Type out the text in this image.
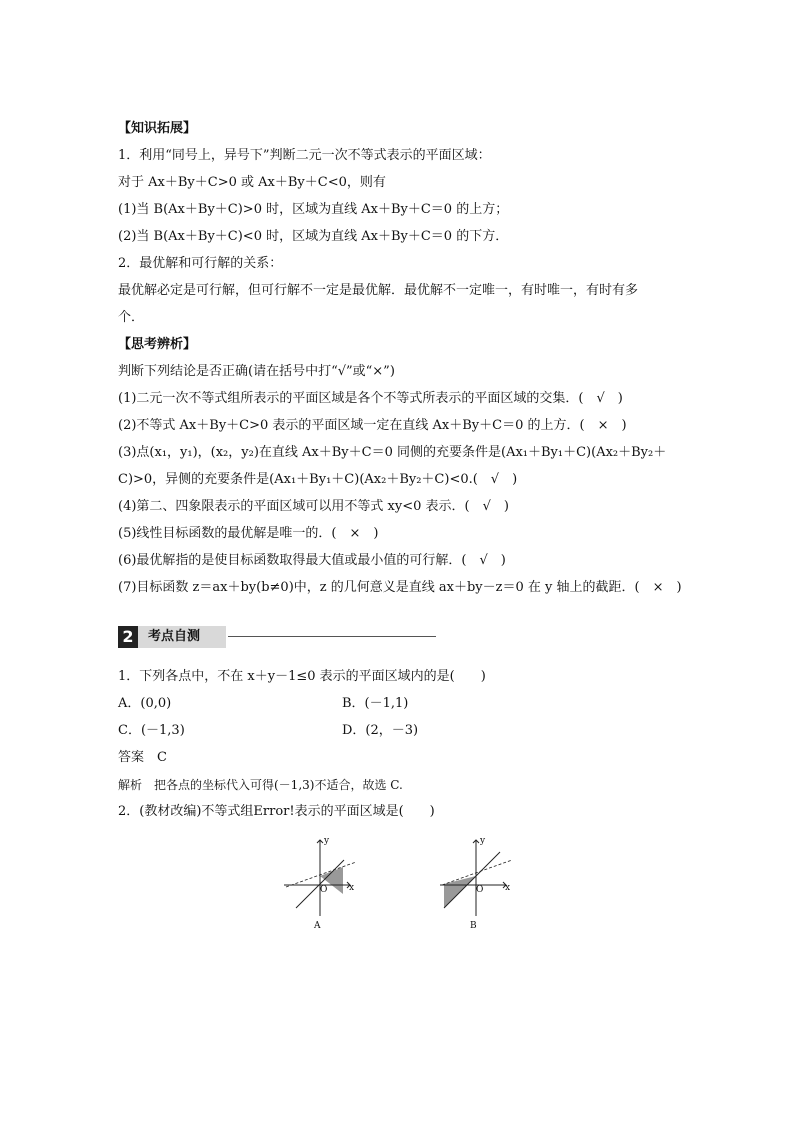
【知识拓展】
1．利用“同号上，异号下”判断二元一次不等式表示的平面区域：
对于 Ax＋By＋C>0 或 Ax＋By＋C<0，则有
(1)当 B(Ax＋By＋C)>0 时，区域为直线 Ax＋By＋C＝0 的上方；
(2)当 B(Ax＋By＋C)<0 时，区域为直线 Ax＋By＋C＝0 的下方．
2．最优解和可行解的关系：
最优解必定是可行解，但可行解不一定是最优解．最优解不一定唯一，有时唯一，有时有多
个．
【思考辨析】
判断下列结论是否正确(请在括号中打“√”或“×”)
(1)二元一次不等式组所表示的平面区域是各个不等式所表示的平面区域的交集．(　√　)
(2)不等式 Ax＋By＋C>0 表示的平面区域一定在直线 Ax＋By＋C＝0 的上方．(　×　)
(3)点(x₁，y₁)，(x₂，y₂)在直线 Ax＋By＋C＝0 同侧的充要条件是(Ax₁＋By₁＋C)(Ax₂＋By₂＋
C)>0，异侧的充要条件是(Ax₁＋By₁＋C)(Ax₂＋By₂＋C)<0.(　√　)
(4)第二、四象限表示的平面区域可以用不等式 xy<0 表示．(　√　)
(5)线性目标函数的最优解是唯一的．(　×　)
(6)最优解指的是使目标函数取得最大值或最小值的可行解．(　√　)
(7)目标函数 z＝ax＋by(b≠0)中，z 的几何意义是直线 ax＋by－z＝0 在 y 轴上的截距．(　×　)
2	考点自测
1．下列各点中，不在 x＋y－1≤0 表示的平面区域内的是(　　)
A．(0,0)	B．(－1,1)
C．(－1,3)	D．(2，－3)
答案　C
解析　把各点的坐标代入可得(－1,3)不适合，故选 C.
2．(教材改编)不等式组Error!表示的平面区域是(　　)
y
x
O
A
y
x
O
B
